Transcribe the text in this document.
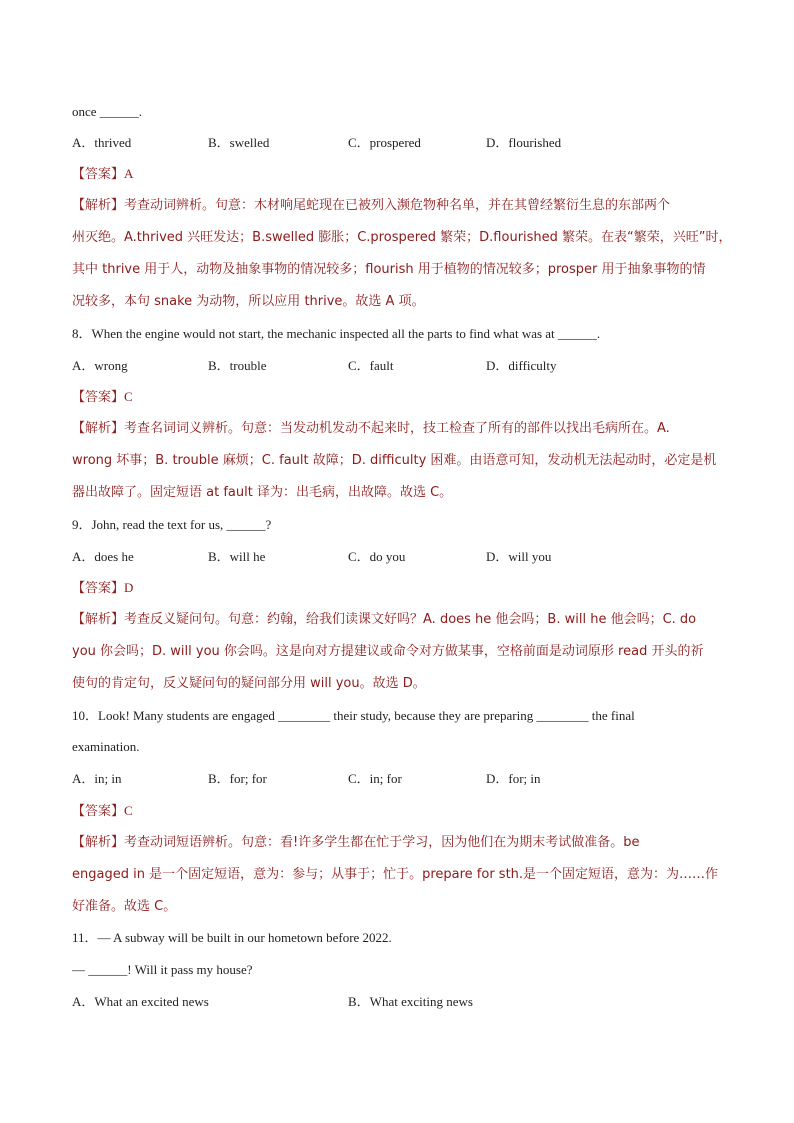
once ______.
A．thrived	B．swelled	C．prospered	D．flourished
【答案】A
【解析】考查动词辨析。句意：木材响尾蛇现在已被列入濒危物种名单，并在其曾经繁衍生息的东部两个
州灭绝。A.thrived 兴旺发达；B.swelled 膨胀；C.prospered 繁荣；D.flourished 繁荣。在表“繁荣，兴旺”时，
其中 thrive 用于人，动物及抽象事物的情况较多；flourish 用于植物的情况较多；prosper 用于抽象事物的情
况较多，本句 snake 为动物，所以应用 thrive。故选 A 项。
8．When the engine would not start, the mechanic inspected all the parts to find what was at ______.
A．wrong	B．trouble	C．fault	D．difficulty
【答案】C
【解析】考查名词词义辨析。句意：当发动机发动不起来时，技工检查了所有的部件以找出毛病所在。A.
wrong 坏事；B. trouble 麻烦；C. fault 故障；D. difficulty 困难。由语意可知，发动机无法起动时，必定是机
器出故障了。固定短语 at fault 译为：出毛病，出故障。故选 C。
9．John, read the text for us, ______?
A．does he	B．will he	C．do you	D．will you
【答案】D
【解析】考查反义疑问句。句意：约翰，给我们读课文好吗？A. does he 他会吗；B. will he 他会吗；C. do
you 你会吗；D. will you 你会吗。这是向对方提建议或命令对方做某事，空格前面是动词原形 read 开头的祈
使句的肯定句，反义疑问句的疑问部分用 will you。故选 D。
10．Look! Many students are engaged ________ their study, because they are preparing ________ the final
examination.
A．in; in	B．for; for	C．in; for	D．for; in
【答案】C
【解析】考查动词短语辨析。句意：看!许多学生都在忙于学习，因为他们在为期末考试做准备。be
engaged in 是一个固定短语，意为：参与；从事于；忙于。prepare for sth.是一个固定短语，意为：为……作
好准备。故选 C。
11．— A subway will be built in our hometown before 2022.
— ______! Will it pass my house?
A．What an excited news	B．What exciting news
